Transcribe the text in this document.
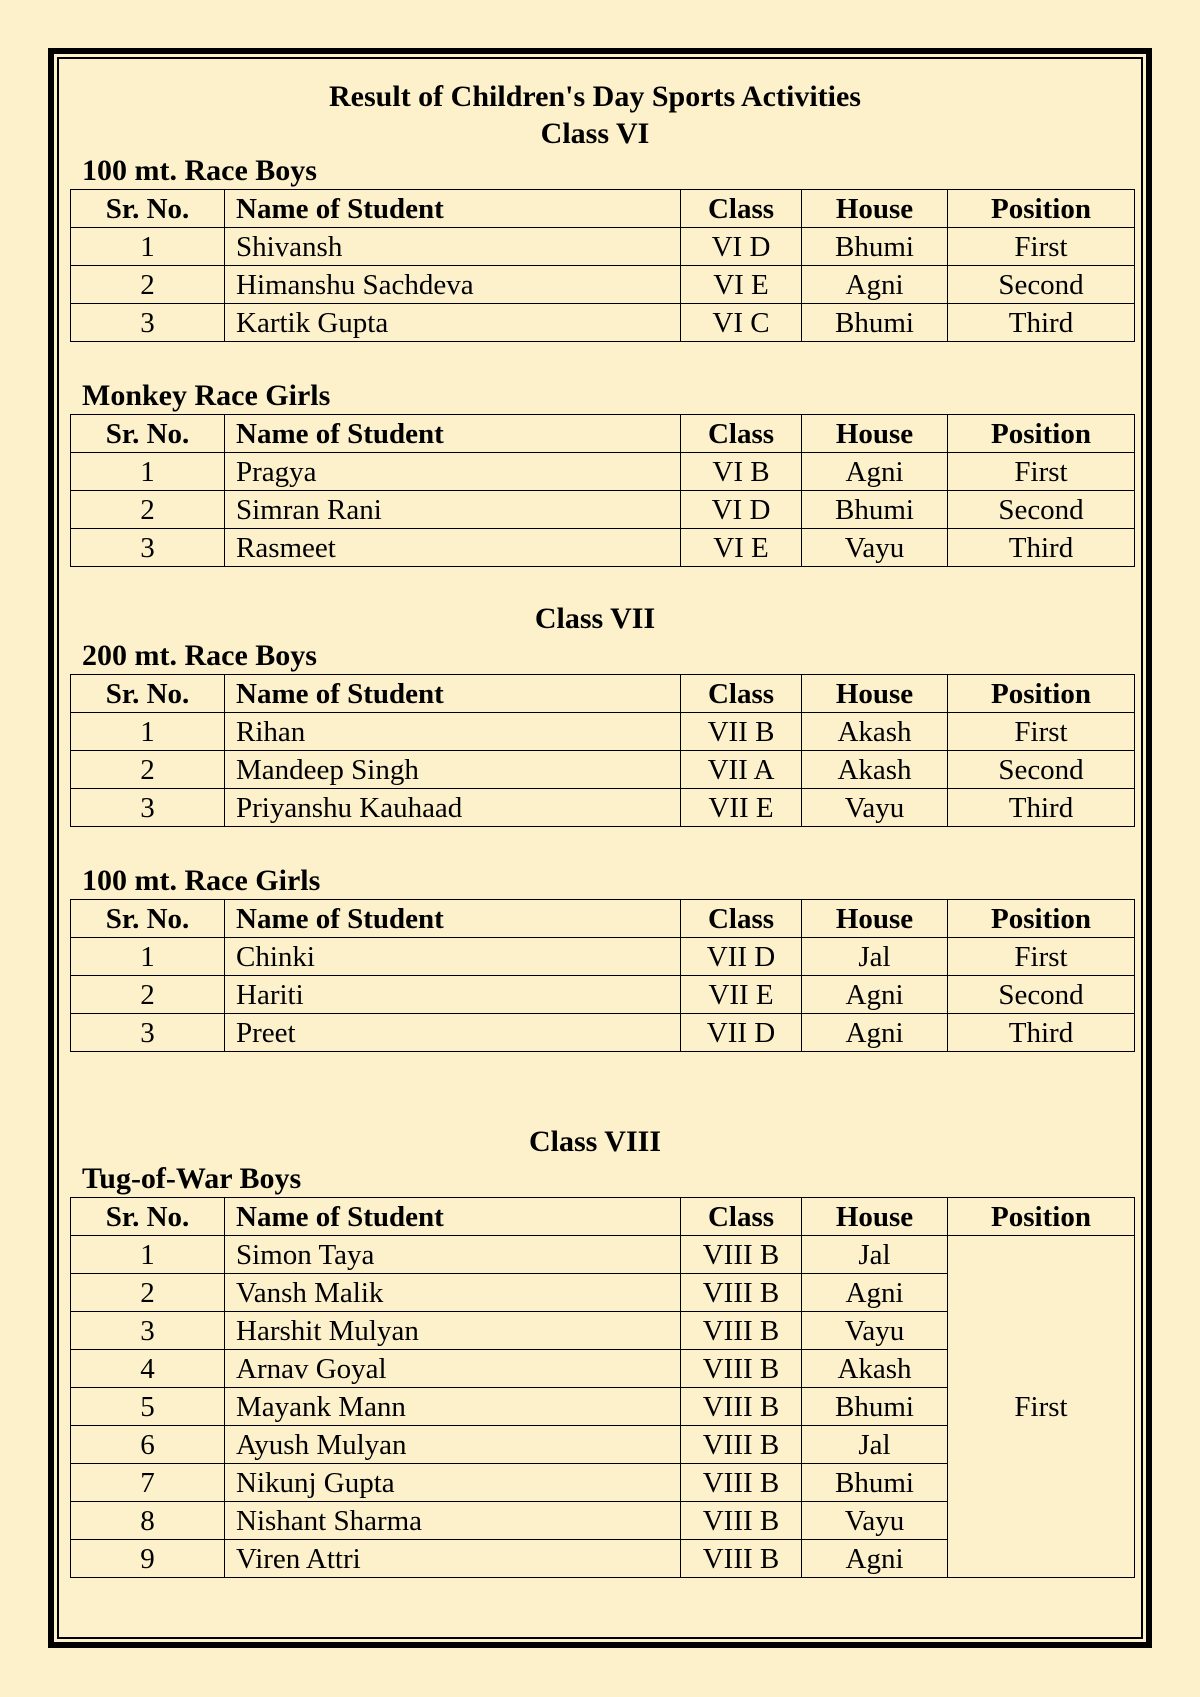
Result of Children's Day Sports Activities
Class VI
100 mt. Race Boys
Sr. No.	Name of Student	Class	House	Position
1	Shivansh	VI D	Bhumi	First
2	Himanshu Sachdeva	VI E	Agni	Second
3	Kartik Gupta	VI C	Bhumi	Third
Monkey Race Girls
Sr. No.	Name of Student	Class	House	Position
1	Pragya	VI B	Agni	First
2	Simran Rani	VI D	Bhumi	Second
3	Rasmeet	VI E	Vayu	Third
Class VII
200 mt. Race Boys
Sr. No.	Name of Student	Class	House	Position
1	Rihan	VII B	Akash	First
2	Mandeep Singh	VII A	Akash	Second
3	Priyanshu Kauhaad	VII E	Vayu	Third
100 mt. Race Girls
Sr. No.	Name of Student	Class	House	Position
1	Chinki	VII D	Jal	First
2	Hariti	VII E	Agni	Second
3	Preet	VII D	Agni	Third
Class VIII
Tug-of-War Boys
Sr. No.	Name of Student	Class	House	Position
1	Simon Taya	VIII B	Jal	First
2	Vansh Malik	VIII B	Agni	
3	Harshit Mulyan	VIII B	Vayu	
4	Arnav Goyal	VIII B	Akash	
5	Mayank Mann	VIII B	Bhumi	
6	Ayush Mulyan	VIII B	Jal	
7	Nikunj Gupta	VIII B	Bhumi	
8	Nishant Sharma	VIII B	Vayu	
9	Viren Attri	VIII B	Agni	
